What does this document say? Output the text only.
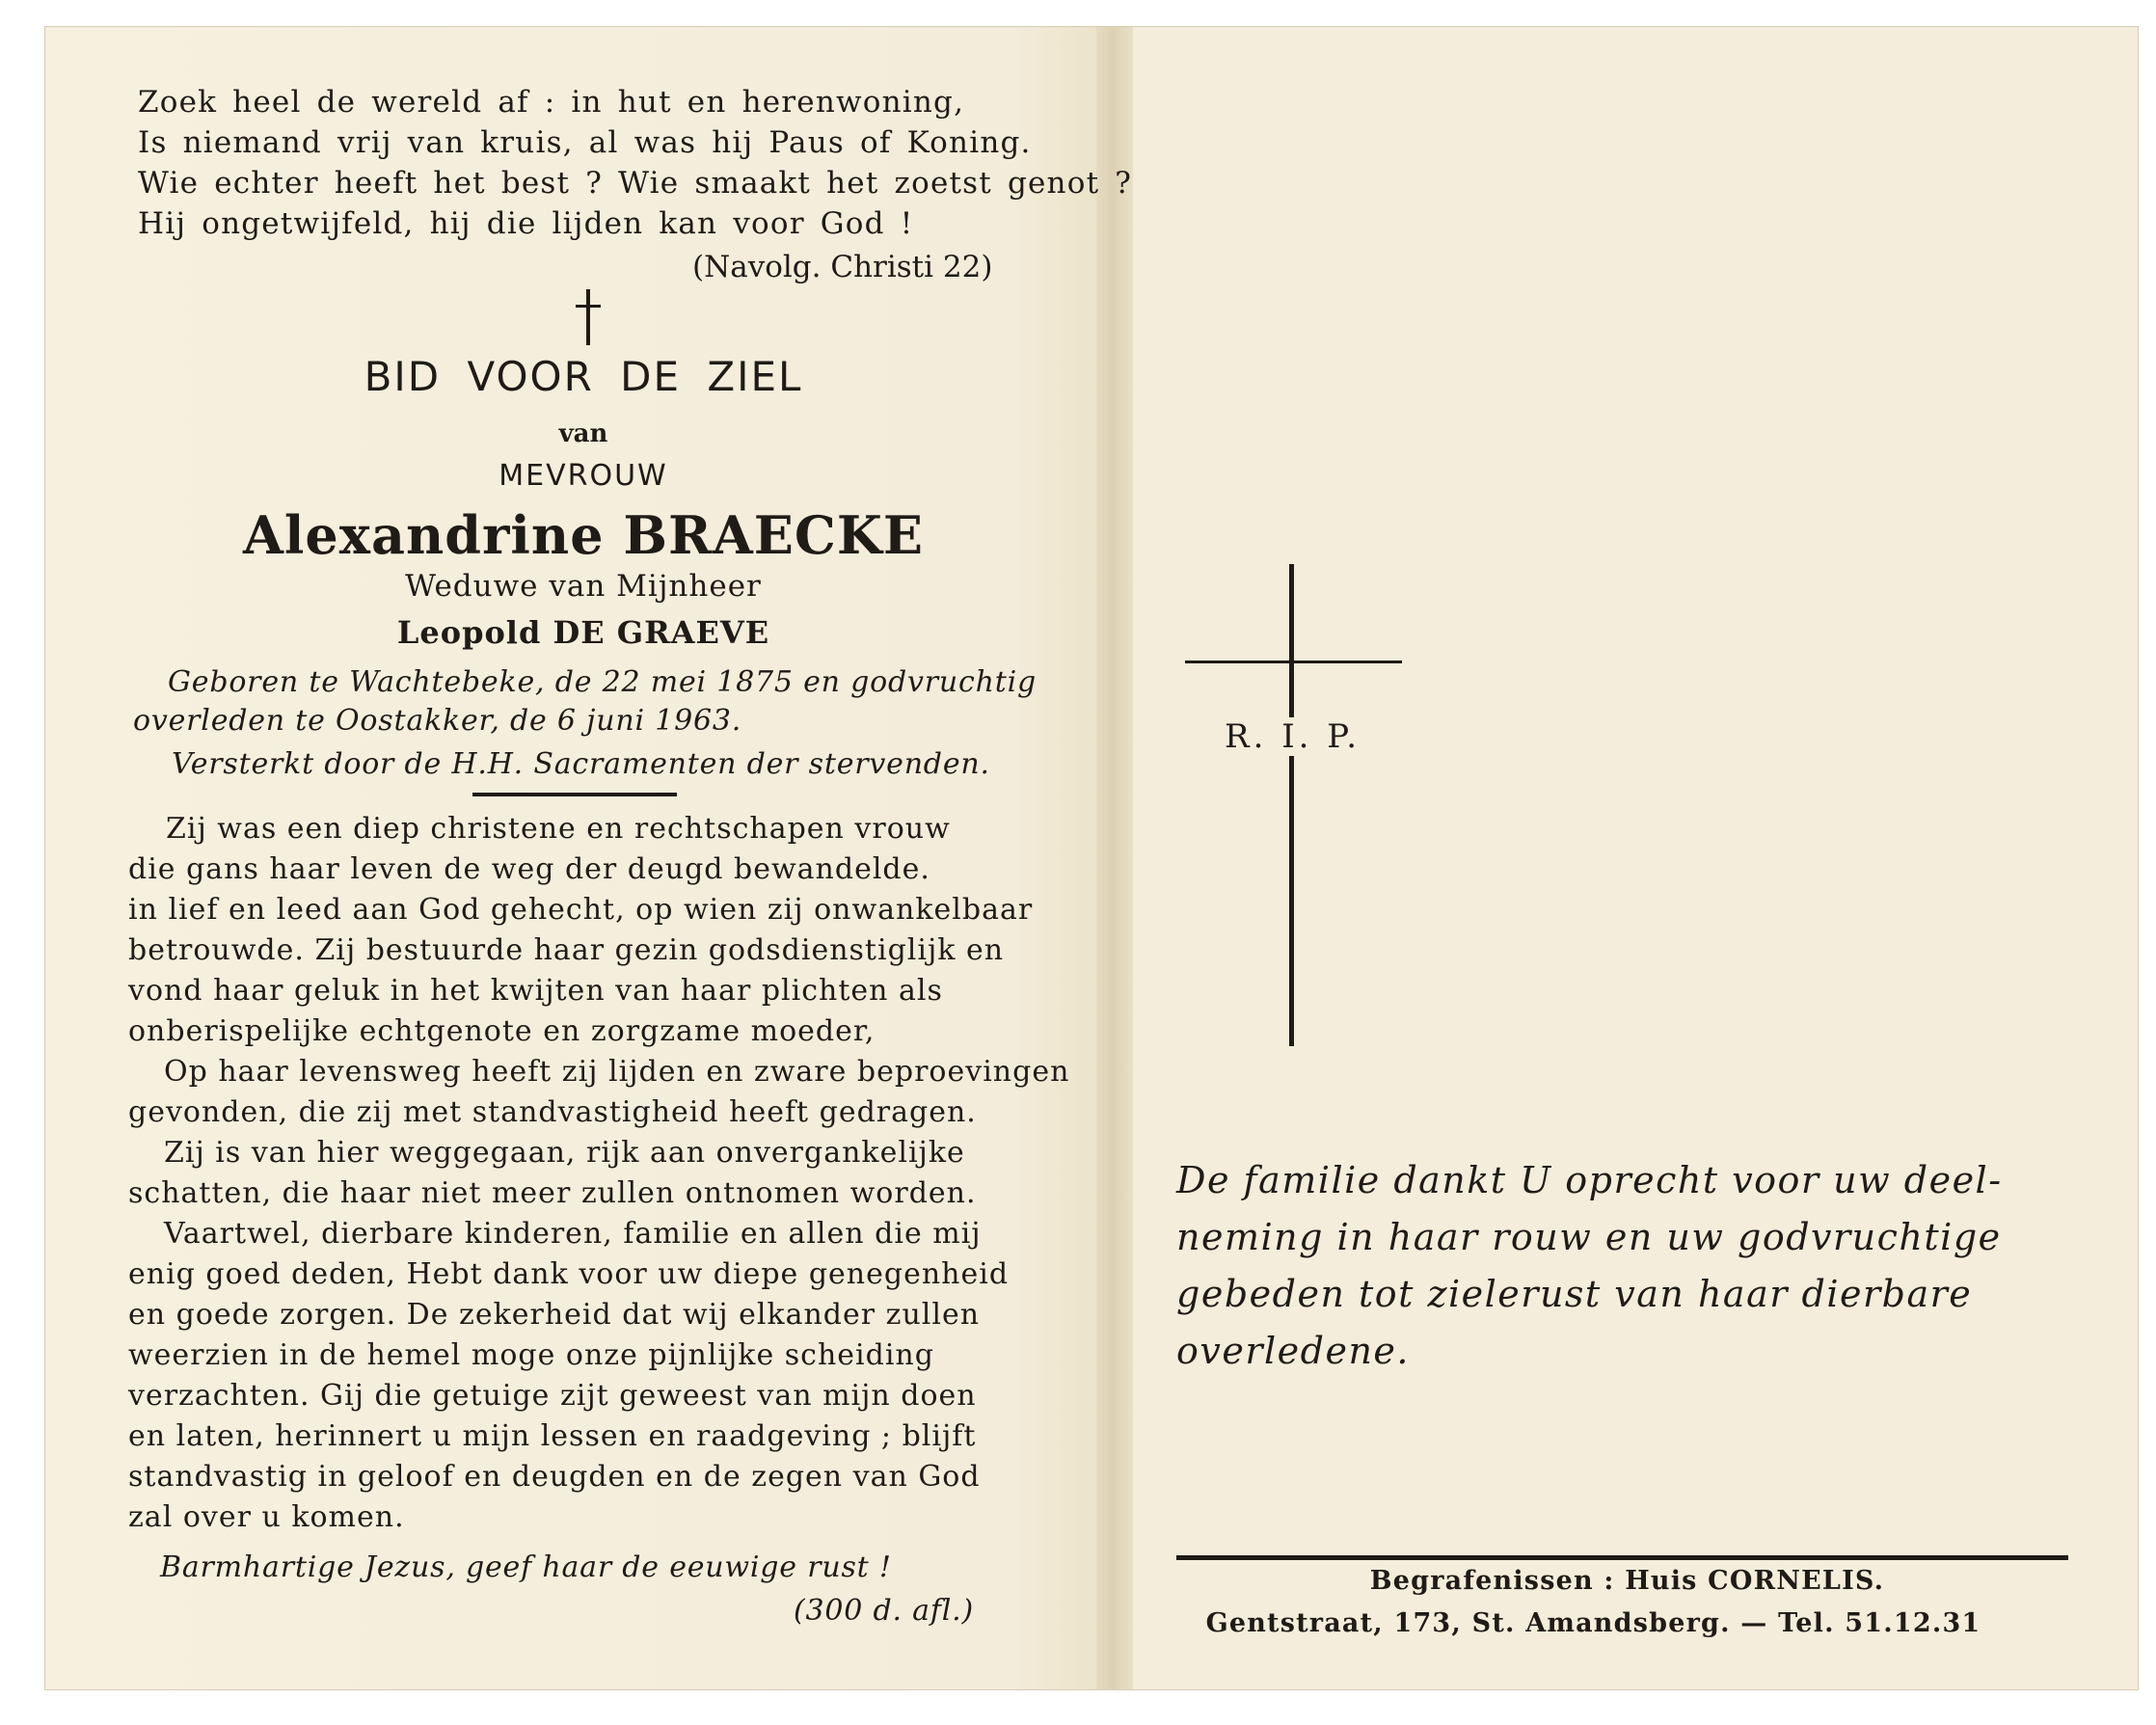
Zoek heel de wereld af : in hut en herenwoning,
Is niemand vrij van kruis, al was hij Paus of Koning.
Wie echter heeft het best ? Wie smaakt het zoetst genot ?
Hij ongetwijfeld, hij die lijden kan voor God !
(Navolg. Christi 22)
BID VOOR DE ZIEL
van
MEVROUW
Alexandrine BRAECKE
Weduwe van Mijnheer
Leopold DE GRAEVE
Geboren te Wachtebeke, de 22 mei 1875 en godvruchtig
overleden te Oostakker, de 6 juni 1963.
Versterkt door de H.H. Sacramenten der stervenden.
Zij was een diep christene en rechtschapen vrouw
die gans haar leven de weg der deugd bewandelde.
in lief en leed aan God gehecht, op wien zij onwankelbaar
betrouwde. Zij bestuurde haar gezin godsdienstiglijk en
vond haar geluk in het kwijten van haar plichten als
onberispelijke echtgenote en zorgzame moeder,
Op haar levensweg heeft zij lijden en zware beproevingen
gevonden, die zij met standvastigheid heeft gedragen.
Zij is van hier weggegaan, rijk aan onvergankelijke
schatten, die haar niet meer zullen ontnomen worden.
Vaartwel, dierbare kinderen, familie en allen die mij
enig goed deden, Hebt dank voor uw diepe genegenheid
en goede zorgen. De zekerheid dat wij elkander zullen
weerzien in de hemel moge onze pijnlijke scheiding
verzachten. Gij die getuige zijt geweest van mijn doen
en laten, herinnert u mijn lessen en raadgeving ; blijft
standvastig in geloof en deugden en de zegen van God
zal over u komen.
Barmhartige Jezus, geef haar de eeuwige rust !
(300 d. afl.)
R. I. P.
De familie dankt U oprecht voor uw deel-
neming in haar rouw en uw godvruchtige
gebeden tot zielerust van haar dierbare
overledene.
Begrafenissen : Huis CORNELIS.
Gentstraat, 173, St. Amandsberg. — Tel. 51.12.31
